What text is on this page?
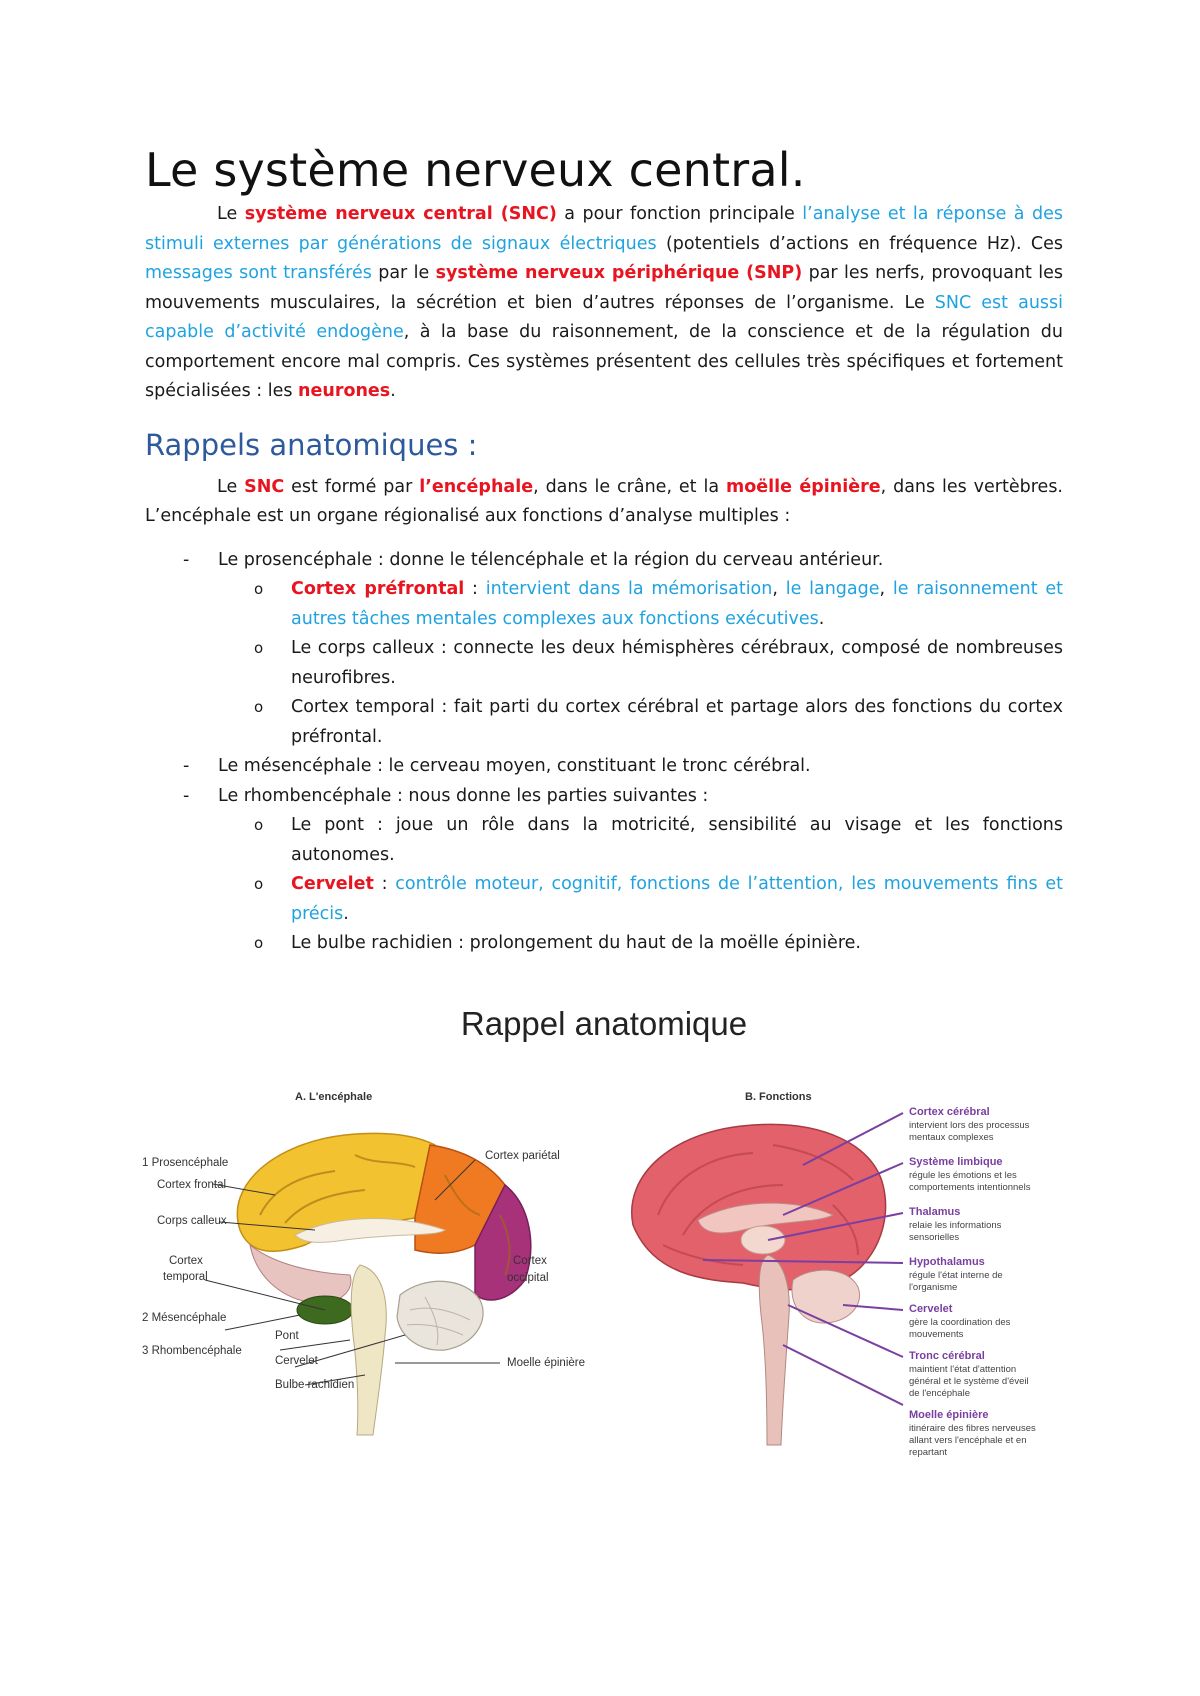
Le système nerveux central.

Le système nerveux central (SNC) a pour fonction principale l’analyse et la réponse à des stimuli externes par générations de signaux électriques (potentiels d’actions en fréquence Hz). Ces messages sont transférés par le système nerveux périphérique (SNP) par les nerfs, provoquant les mouvements musculaires, la sécrétion et bien d’autres réponses de l’organisme. Le SNC est aussi capable d’activité endogène, à la base du raisonnement, de la conscience et de la régulation du comportement encore mal compris. Ces systèmes présentent des cellules très spécifiques et fortement spécialisées : les neurones.

Rappels anatomiques :

Le SNC est formé par l’encéphale, dans le crâne, et la moëlle épinière, dans les vertèbres. L’encéphale est un organe régionalisé aux fonctions d’analyse multiples :

- Le prosencéphale : donne le télencéphale et la région du cerveau antérieur.
o Cortex préfrontal : intervient dans la mémorisation, le langage, le raisonnement et autres tâches mentales complexes aux fonctions exécutives.
o Le corps calleux : connecte les deux hémisphères cérébraux, composé de nombreuses neurofibres.
o Cortex temporal : fait parti du cortex cérébral et partage alors des fonctions du cortex préfrontal.
- Le mésencéphale : le cerveau moyen, constituant le tronc cérébral.
- Le rhombencéphale : nous donne les parties suivantes :
o Le pont : joue un rôle dans la motricité, sensibilité au visage et les fonctions autonomes.
o Cervelet : contrôle moteur, cognitif, fonctions de l’attention, les mouvements fins et précis.
o Le bulbe rachidien : prolongement du haut de la moëlle épinière.
Rappel anatomique
A. L'encéphale
1 Prosencéphale
Cortex frontal
Corps calleux
Cortex
temporal
2 Mésencéphale
3 Rhombencéphale
Pont
Cervelet
Bulbe rachidien
Cortex pariétal
Cortex
occipital
Moelle épinière
B. Fonctions
Cortex cérébral
intervient lors des processus
mentaux complexes
Système limbique
régule les émotions et les
comportements intentionnels
Thalamus
relaie les informations
sensorielles
Hypothalamus
régule l'état interne de
l'organisme
Cervelet
gère la coordination des
mouvements
Tronc cérébral
maintient l'état d'attention
général et le système d'éveil
de l'encéphale
Moelle épinière
itinéraire des fibres nerveuses
allant vers l'encéphale et en
repartant
